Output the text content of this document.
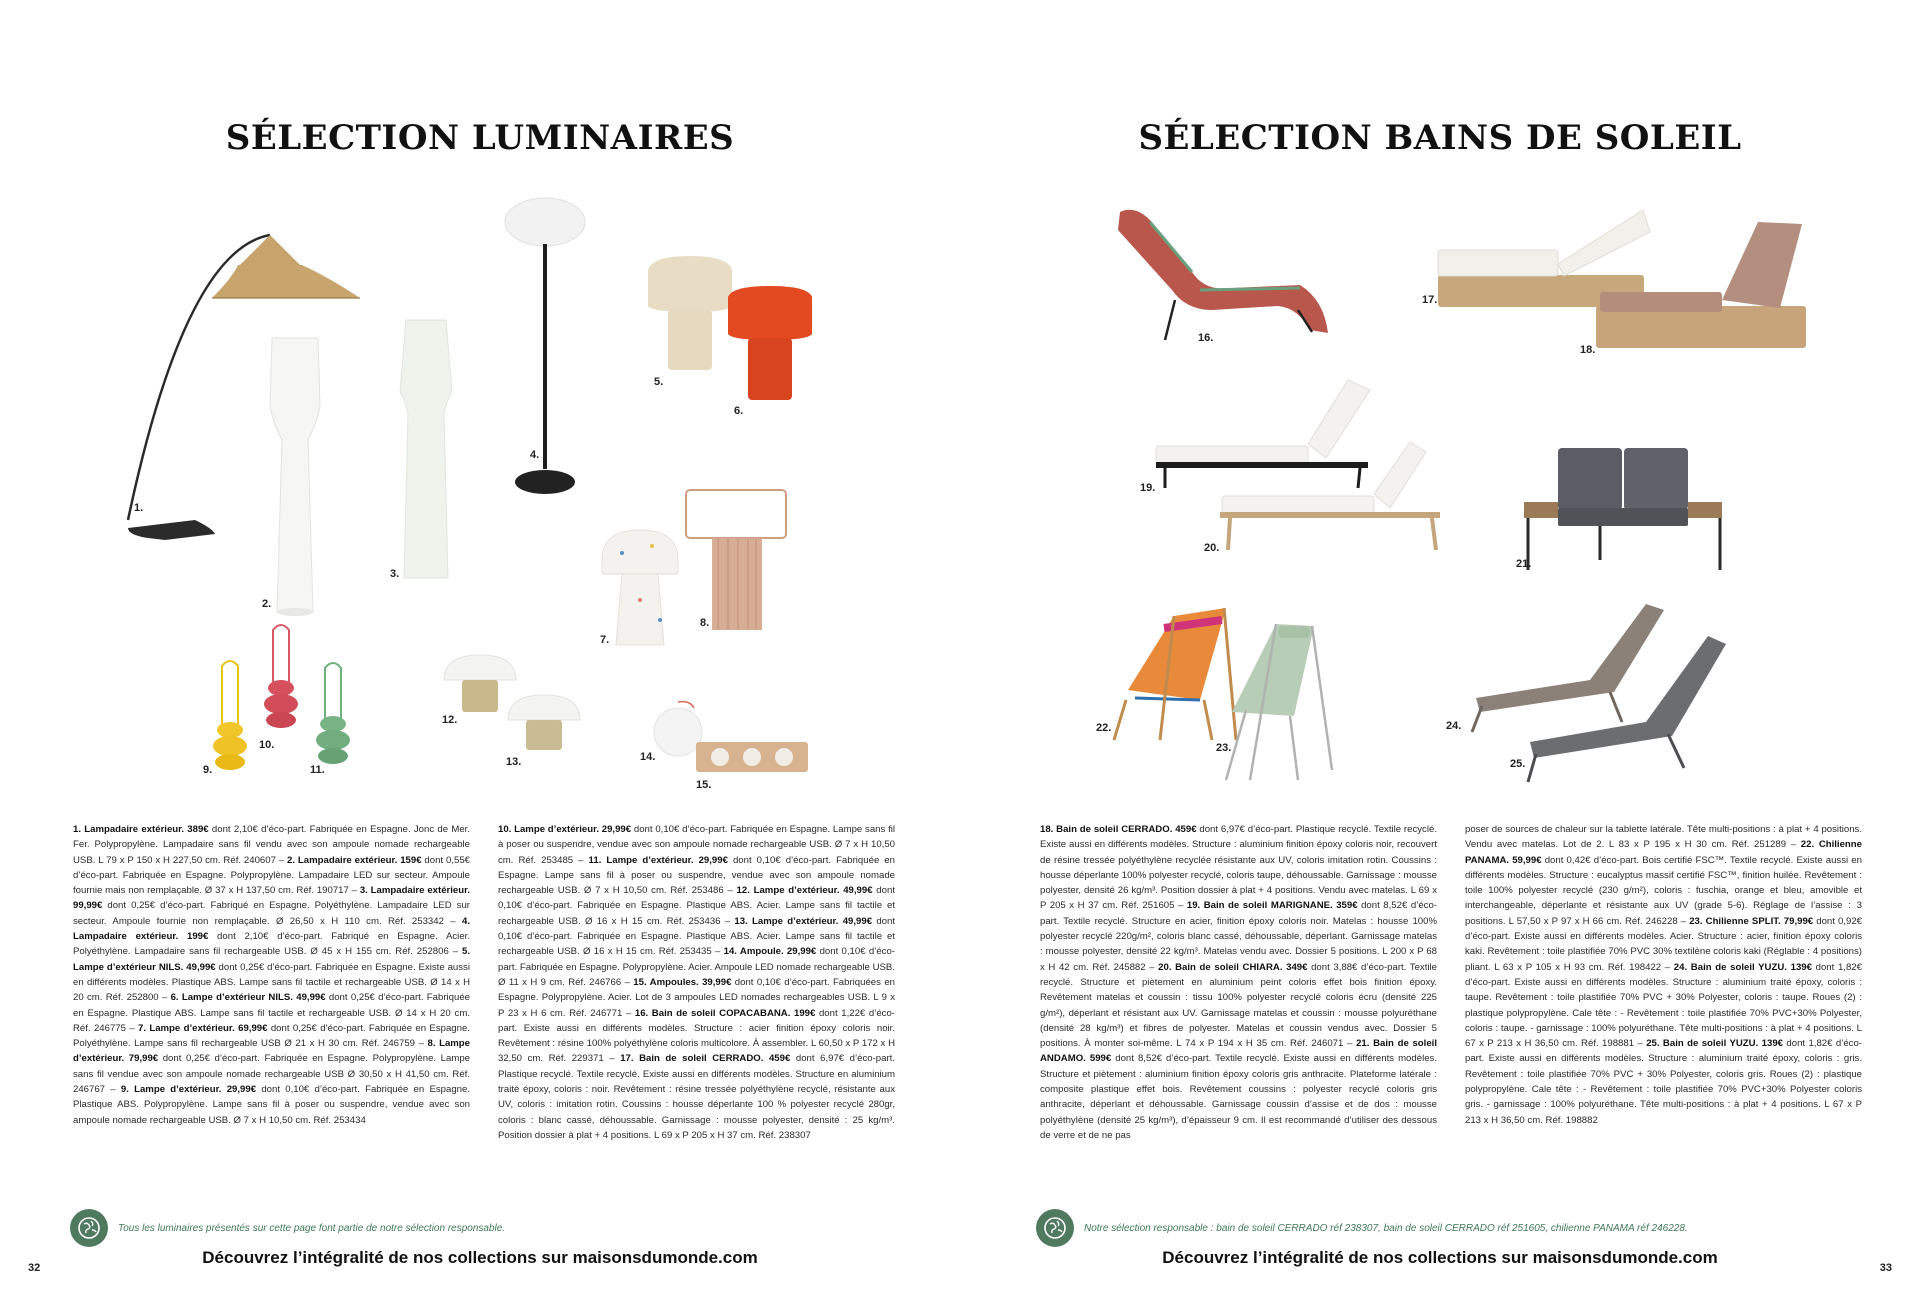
SÉLECTION LUMINAIRES
1.
2.
3.
4.
5.
6.
7.
8.
9.
10.
11.
12.
13.	14.
15.
1. Lampadaire extérieur. 389€ dont 2,10€ d’éco-part. Fabriquée en Espagne. Jonc de Mer. Fer. Polypropylène. Lampadaire sans fil vendu avec son ampoule nomade rechargeable USB. L 79 x P 150 x H 227,50 cm. Réf. 240607 – 2. Lampadaire extérieur. 159€ dont 0,55€ d’éco-part. Fabriquée en Espagne. Polypropylène. Lampadaire LED sur secteur. Ampoule fournie mais non remplaçable. Ø 37 x H 137,50 cm. Réf. 190717 – 3. Lampadaire extérieur. 99,99€ dont 0,25€ d’éco-part. Fabriqué en Espagne. Polyéthylène. Lampadaire LED sur secteur. Ampoule fournie non remplaçable. Ø 26,50 x H 110 cm. Réf. 253342 – 4. Lampadaire extérieur. 199€ dont 2,10€ d’éco-part. Fabriqué en Espagne. Acier. Polyéthylène. Lampadaire sans fil rechargeable USB. Ø 45 x H 155 cm. Réf. 252806 – 5. Lampe d’extérieur NILS. 49,99€ dont 0,25€ d’éco-part. Fabriquée en Espagne. Existe aussi en différents modèles. Plastique ABS. Lampe sans fil tactile et rechargeable USB. Ø 14 x H 20 cm. Réf. 252800 – 6. Lampe d’extérieur NILS. 49,99€ dont 0,25€ d’éco-part. Fabriquée en Espagne. Plastique ABS. Lampe sans fil tactile et rechargeable USB. Ø 14 x H 20 cm. Réf. 246775 – 7. Lampe d’extérieur. 69,99€ dont 0,25€ d’éco-part. Fabriquée en Espagne. Polyéthylène. Lampe sans fil rechargeable USB Ø 21 x H 30 cm. Réf. 246759 – 8. Lampe d’extérieur. 79,99€ dont 0,25€ d’éco-part. Fabriquée en Espagne. Polypropylène. Lampe sans fil vendue avec son ampoule nomade rechargeable USB Ø 30,50 x H 41,50 cm. Réf. 246767 – 9. Lampe d’extérieur. 29,99€ dont 0,10€ d’éco-part. Fabriquée en Espagne. Plastique ABS. Polypropylène. Lampe sans fil à poser ou suspendre, vendue avec son ampoule nomade rechargeable USB. Ø 7 x H 10,50 cm. Réf. 253434
10. Lampe d’extérieur. 29,99€ dont 0,10€ d’éco-part. Fabriquée en Espagne. Lampe sans fil à poser ou suspendre, vendue avec son ampoule nomade rechargeable USB. Ø 7 x H 10,50 cm. Réf. 253485 – 11. Lampe d’extérieur. 29,99€ dont 0,10€ d’éco-part. Fabriquée en Espagne. Lampe sans fil à poser ou suspendre, vendue avec son ampoule nomade rechargeable USB. Ø 7 x H 10,50 cm. Réf. 253486 – 12. Lampe d’extérieur. 49,99€ dont 0,10€ d’éco-part. Fabriquée en Espagne. Plastique ABS. Acier. Lampe sans fil tactile et rechargeable USB. Ø 16 x H 15 cm. Réf. 253436 – 13. Lampe d’extérieur. 49,99€ dont 0,10€ d’éco-part. Fabriquée en Espagne. Plastique ABS. Acier. Lampe sans fil tactile et rechargeable USB. Ø 16 x H 15 cm. Réf. 253435 – 14. Ampoule. 29,99€ dont 0,10€ d’éco-part. Fabriquée en Espagne. Polypropylène. Acier. Ampoule LED nomade rechargeable USB. Ø 11 x H 9 cm. Réf. 246766 – 15. Ampoules. 39,99€ dont 0,10€ d’éco-part. Fabriquées en Espagne. Polypropylène. Acier. Lot de 3 ampoules LED nomades rechargeables USB. L 9 x P 23 x H 6 cm. Réf. 246771 – 16. Bain de soleil COPACABANA. 199€ dont 1,22€ d’éco-part. Existe aussi en différents modèles. Structure : acier finition époxy coloris noir. Revêtement : résine 100% polyéthylène coloris multicolore. À assembler. L 60,50 x P 172 x H 32,50 cm. Réf. 229371 – 17. Bain de soleil CERRADO. 459€ dont 6,97€ d’éco-part. Plastique recyclé. Textile recyclé. Existe aussi en différents modèles. Structure en aluminium traité époxy, coloris : noir. Revêtement : résine tressée polyéthylène recyclé, résistante aux UV, coloris : imitation rotin. Coussins : housse déperlante 100 % polyester recyclé 280gr, coloris : blanc cassé, déhoussable. Garnissage : mousse polyester, densité : 25 kg/m³. Position dossier à plat + 4 positions. L 69 x P 205 x H 37 cm. Réf. 238307
Tous les luminaires présentés sur cette page font partie de notre sélection responsable.
Découvrez l’intégralité de nos collections sur maisonsdumonde.com
32
SÉLECTION BAINS DE SOLEIL
16.
17.
18.
19.
20.
21.
22.
23.
24.
25.
18. Bain de soleil CERRADO. 459€ dont 6,97€ d’éco-part. Plastique recyclé. Textile recyclé. Existe aussi en différents modèles. Structure : aluminium finition époxy coloris noir, recouvert de résine tressée polyéthylène recyclée résistante aux UV, coloris imitation rotin. Coussins : housse déperlante 100% polyester recyclé, coloris taupe, déhoussable. Garnissage : mousse polyester, densité 26 kg/m³. Position dossier à plat + 4 positions. Vendu avec matelas. L 69 x P 205 x H 37 cm. Réf. 251605 – 19. Bain de soleil MARIGNANE. 359€ dont 8,52€ d’éco-part. Textile recyclé. Structure en acier, finition époxy coloris noir. Matelas : housse 100% polyester recyclé 220g/m², coloris blanc cassé, déhoussable, déperlant. Garnissage matelas : mousse polyester, densité 22 kg/m³. Matelas vendu avec. Dossier 5 positions. L 200 x P 68 x H 42 cm. Réf. 245882 – 20. Bain de soleil CHIARA. 349€ dont 3,88€ d’éco-part. Textile recyclé. Structure et piètement en aluminium peint coloris effet bois finition époxy. Revêtement matelas et coussin : tissu 100% polyester recyclé coloris écru (densité 225 g/m²), déperlant et résistant aux UV. Garnissage matelas et coussin : mousse polyuréthane (densité 28 kg/m³) et fibres de polyester. Matelas et coussin vendus avec. Dossier 5 positions. À monter soi-même. L 74 x P 194 x H 35 cm. Réf. 246071 – 21. Bain de soleil ANDAMO. 599€ dont 8,52€ d’éco-part. Textile recyclé. Existe aussi en différents modèles. Structure et piètement : aluminium finition époxy coloris gris anthracite. Plateforme latérale : composite plastique effet bois. Revêtement coussins : polyester recyclé coloris gris anthracite, déperlant et déhoussable. Garnissage coussin d’assise et de dos : mousse polyéthylène (densité 25 kg/m³), d’épaisseur 9 cm. Il est recommandé d’utiliser des dessous de verre et de ne pas
poser de sources de chaleur sur la tablette latérale. Tête multi-positions : à plat + 4 positions. Vendu avec matelas. Lot de 2. L 83 x P 195 x H 30 cm. Réf. 251289 – 22. Chilienne PANAMA. 59,99€ dont 0,42€ d’éco-part. Bois certifié FSC™. Textile recyclé. Existe aussi en différents modèles. Structure : eucalyptus massif certifié FSC™, finition huilée. Revêtement : toile 100% polyester recyclé (230 g/m²), coloris : fuschia, orange et bleu, amovible et interchangeable, déperlante et résistante aux UV (grade 5-6). Réglage de l’assise : 3 positions. L 57,50 x P 97 x H 66 cm. Réf. 246228 – 23. Chilienne SPLIT. 79,99€ dont 0,92€ d’éco-part. Existe aussi en différents modèles. Acier. Structure : acier, finition époxy coloris kaki. Revêtement : toile plastifiée 70% PVC 30% textilène coloris kaki (Réglable : 4 positions) pliant. L 63 x P 105 x H 93 cm. Réf. 198422 – 24. Bain de soleil YUZU. 139€ dont 1,82€ d’éco-part. Existe aussi en différents modèles. Structure : aluminium traité époxy, coloris : taupe. Revêtement : toile plastifiée 70% PVC + 30% Polyester, coloris : taupe. Roues (2) : plastique polypropylène. Cale tête : - Revêtement : toile plastifiée 70% PVC+30% Polyester, coloris : taupe. - garnissage : 100% polyuréthane. Tête multi-positions : à plat + 4 positions. L 67 x P 213 x H 36,50 cm. Réf. 198881 – 25. Bain de soleil YUZU. 139€ dont 1,82€ d’éco-part. Existe aussi en différents modèles. Structure : aluminium traité époxy, coloris : gris. Revêtement : toile plastifiée 70% PVC + 30% Polyester, coloris gris. Roues (2) : plastique polypropylène. Cale tête : - Revêtement : toile plastifiée 70% PVC+30% Polyester coloris gris. - garnissage : 100% polyuréthane. Tête multi-positions : à plat + 4 positions. L 67 x P 213 x H 36,50 cm. Réf. 198882
Notre sélection responsable : bain de soleil CERRADO réf 238307, bain de soleil CERRADO réf 251605, chilienne PANAMA réf 246228.
Découvrez l’intégralité de nos collections sur maisonsdumonde.com
33
